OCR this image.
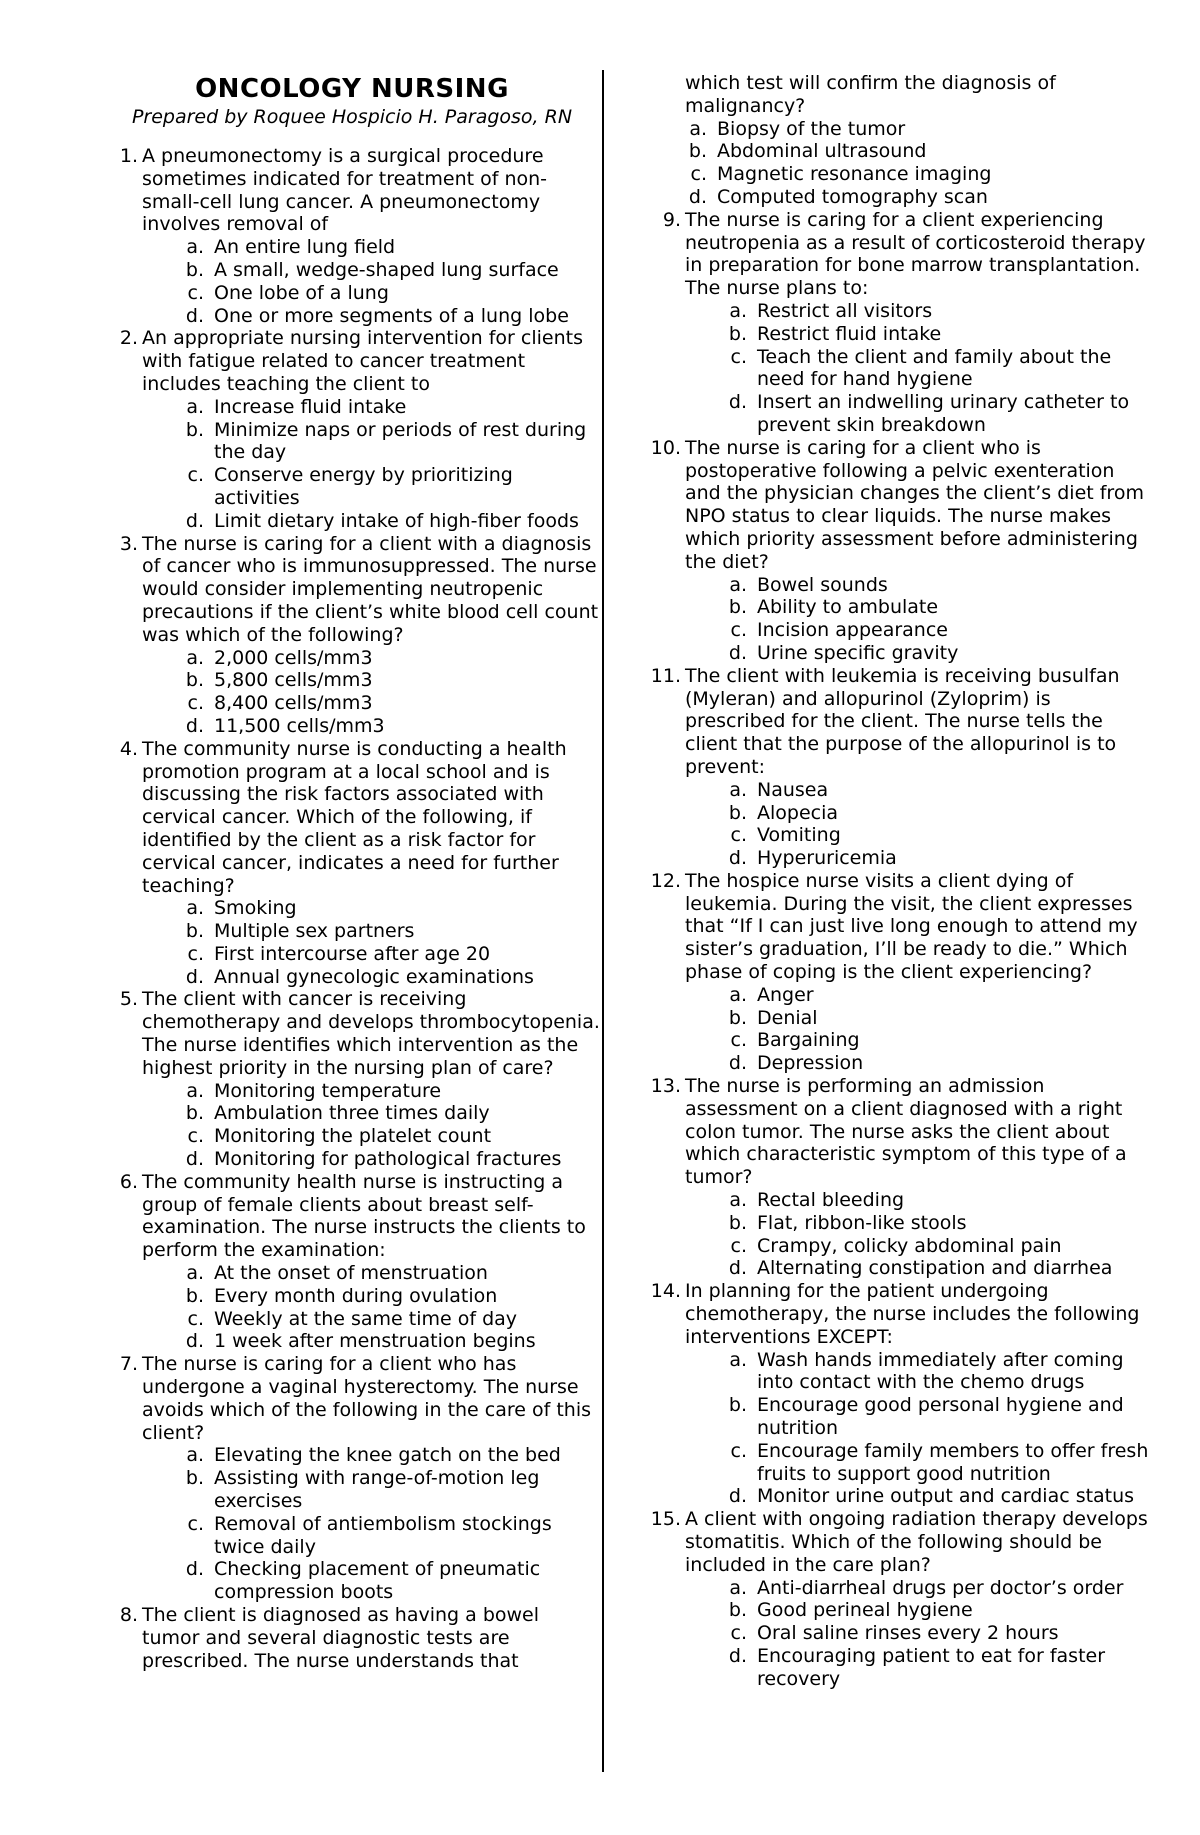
ONCOLOGY NURSING
Prepared by Roquee Hospicio H. Paragoso, RN
1. A pneumonectomy is a surgical procedure sometimes indicated for treatment of non-small-cell lung cancer. A pneumonectomy involves removal of
a. An entire lung field
b. A small, wedge-shaped lung surface
c. One lobe of a lung
d. One or more segments of a lung lobe
2. An appropriate nursing intervention for clients with fatigue related to cancer treatment includes teaching the client to
a. Increase fluid intake
b. Minimize naps or periods of rest during the day
c. Conserve energy by prioritizing activities
d. Limit dietary intake of high-fiber foods
3. The nurse is caring for a client with a diagnosis of cancer who is immunosuppressed. The nurse would consider implementing neutropenic precautions if the client’s white blood cell count was which of the following?
a. 2,000 cells/mm3
b. 5,800 cells/mm3
c. 8,400 cells/mm3
d. 11,500 cells/mm3
4. The community nurse is conducting a health promotion program at a local school and is discussing the risk factors associated with cervical cancer. Which of the following, if identified by the client as a risk factor for cervical cancer, indicates a need for further teaching?
a. Smoking
b. Multiple sex partners
c. First intercourse after age 20
d. Annual gynecologic examinations
5. The client with cancer is receiving chemotherapy and develops thrombocytopenia. The nurse identifies which intervention as the highest priority in the nursing plan of care?
a. Monitoring temperature
b. Ambulation three times daily
c. Monitoring the platelet count
d. Monitoring for pathological fractures
6. The community health nurse is instructing a group of female clients about breast self-examination. The nurse instructs the clients to perform the examination:
a. At the onset of menstruation
b. Every month during ovulation
c. Weekly at the same time of day
d. 1 week after menstruation begins
7. The nurse is caring for a client who has undergone a vaginal hysterectomy. The nurse avoids which of the following in the care of this client?
a. Elevating the knee gatch on the bed
b. Assisting with range-of-motion leg exercises
c. Removal of antiembolism stockings twice daily
d. Checking placement of pneumatic compression boots
8. The client is diagnosed as having a bowel tumor and several diagnostic tests are prescribed. The nurse understands that
which test will confirm the diagnosis of malignancy?
a. Biopsy of the tumor
b. Abdominal ultrasound
c. Magnetic resonance imaging
d. Computed tomography scan
9. The nurse is caring for a client experiencing neutropenia as a result of corticosteroid therapy in preparation for bone marrow transplantation. The nurse plans to:
a. Restrict all visitors
b. Restrict fluid intake
c. Teach the client and family about the need for hand hygiene
d. Insert an indwelling urinary catheter to prevent skin breakdown
10. The nurse is caring for a client who is postoperative following a pelvic exenteration and the physician changes the client’s diet from NPO status to clear liquids. The nurse makes which priority assessment before administering the diet?
a. Bowel sounds
b. Ability to ambulate
c. Incision appearance
d. Urine specific gravity
11. The client with leukemia is receiving busulfan (Myleran) and allopurinol (Zyloprim) is prescribed for the client. The nurse tells the client that the purpose of the allopurinol is to prevent:
a. Nausea
b. Alopecia
c. Vomiting
d. Hyperuricemia
12. The hospice nurse visits a client dying of leukemia. During the visit, the client expresses that “If I can just live long enough to attend my sister’s graduation, I’ll be ready to die.” Which phase of coping is the client experiencing?
a. Anger
b. Denial
c. Bargaining
d. Depression
13. The nurse is performing an admission assessment on a client diagnosed with a right colon tumor. The nurse asks the client about which characteristic symptom of this type of a tumor?
a. Rectal bleeding
b. Flat, ribbon-like stools
c. Crampy, colicky abdominal pain
d. Alternating constipation and diarrhea
14. In planning for the patient undergoing chemotherapy, the nurse includes the following interventions EXCEPT:
a. Wash hands immediately after coming into contact with the chemo drugs
b. Encourage good personal hygiene and nutrition
c. Encourage family members to offer fresh fruits to support good nutrition
d. Monitor urine output and cardiac status
15. A client with ongoing radiation therapy develops stomatitis. Which of the following should be included in the care plan?
a. Anti-diarrheal drugs per doctor’s order
b. Good perineal hygiene
c. Oral saline rinses every 2 hours
d. Encouraging patient to eat for faster recovery
